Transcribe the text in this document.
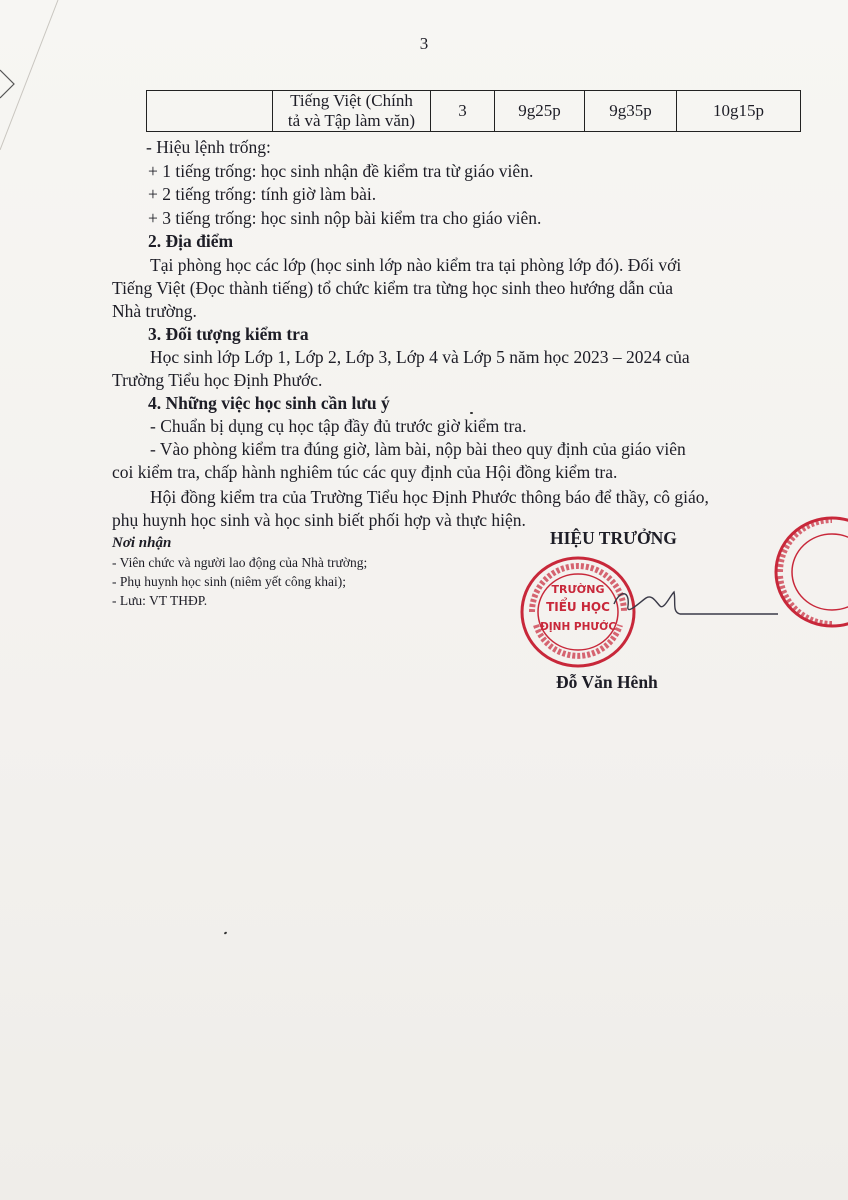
3

Tiếng Việt (Chính
tả và Tập làm văn)
	3	9g25p	9g35p	10g15p
- Hiệu lệnh trống:
+ 1 tiếng trống: học sinh nhận đề kiểm tra từ giáo viên.
+ 2 tiếng trống: tính giờ làm bài.
+ 3 tiếng trống: học sinh nộp bài kiểm tra cho giáo viên.
2. Địa điểm
Tại phòng học các lớp (học sinh lớp nào kiểm tra tại phòng lớp đó). Đối với
Tiếng Việt (Đọc thành tiếng) tổ chức kiểm tra từng học sinh theo hướng dẫn của
Nhà trường.
3. Đối tượng kiểm tra
Học sinh lớp Lớp 1, Lớp 2, Lớp 3, Lớp 4 và Lớp 5 năm học 2023 – 2024 của
Trường Tiểu học Định Phước.
4. Những việc học sinh cần lưu ý
- Chuẩn bị dụng cụ học tập đầy đủ trước giờ kiểm tra.
- Vào phòng kiểm tra đúng giờ, làm bài, nộp bài theo quy định của giáo viên
coi kiểm tra, chấp hành nghiêm túc các quy định của Hội đồng kiểm tra.
Hội đồng kiểm tra của Trường Tiểu học Định Phước thông báo để thầy, cô giáo,
phụ huynh học sinh và học sinh biết phối hợp và thực hiện.
Nơi nhận
- Viên chức và người lao động của Nhà trường;
- Phụ huynh học sinh (niêm yết công khai);
- Lưu: VT THĐP.
HIỆU TRƯỞNG
TRƯỜNG
TIỂU HỌC
ĐỊNH PHƯỚC
Đỗ Văn Hênh
